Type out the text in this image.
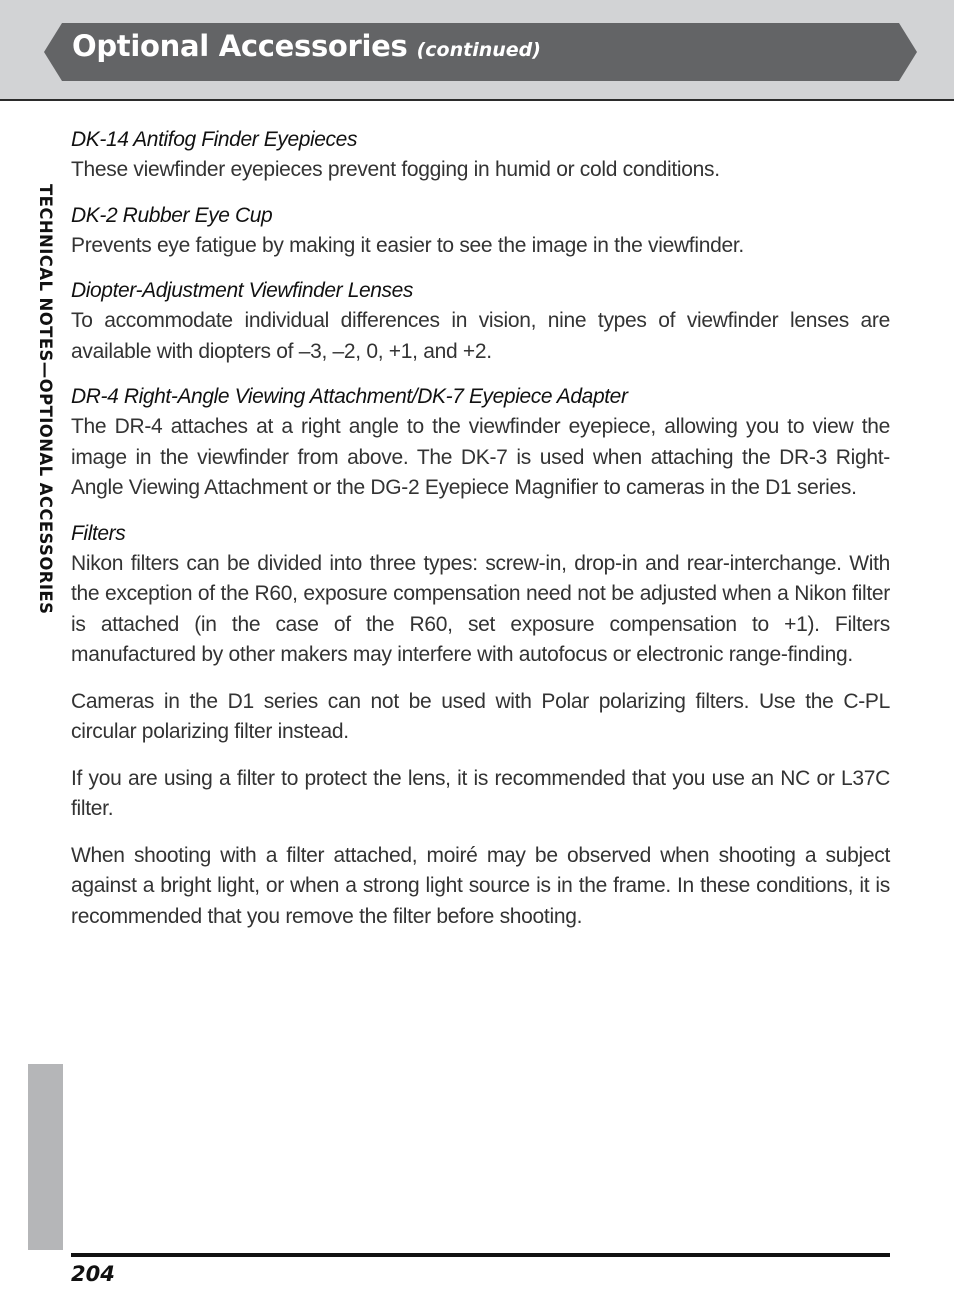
Optional Accessories (continued)
TECHNICAL NOTES—OPTIONAL ACCESSORIES
DK-14 Antifog Finder Eyepieces
These viewfinder eyepieces prevent fogging in humid or cold conditions.
DK-2 Rubber Eye Cup
Prevents eye fatigue by making it easier to see the image in the viewfinder.
Diopter-Adjustment Viewfinder Lenses
To accommodate individual differences in vision, nine types of viewfinder lenses are available with diopters of –3, –2, 0, +1, and +2.
DR-4 Right-Angle Viewing Attachment/DK-7 Eyepiece Adapter
The DR-4 attaches at a right angle to the viewfinder eyepiece, allowing you to view the image in the viewfinder from above. The DK-7 is used when attaching the DR-3 Right-Angle Viewing Attachment or the DG-2 Eyepiece Magnifier to cameras in the D1 series.
Filters
Nikon filters can be divided into three types: screw-in, drop-in and rear-interchange. With the exception of the R60, exposure compensation need not be adjusted when a Nikon filter is attached (in the case of the R60, set exposure compensation to +1). Filters manufactured by other makers may interfere with autofocus or electronic range-finding.
Cameras in the D1 series can not be used with Polar polarizing filters. Use the C-PL circular polarizing filter instead.
If you are using a filter to protect the lens, it is recommended that you use an NC or L37C filter.
When shooting with a filter attached, moiré may be observed when shooting a subject against a bright light, or when a strong light source is in the frame. In these conditions, it is recommended that you remove the filter before shooting.
204
